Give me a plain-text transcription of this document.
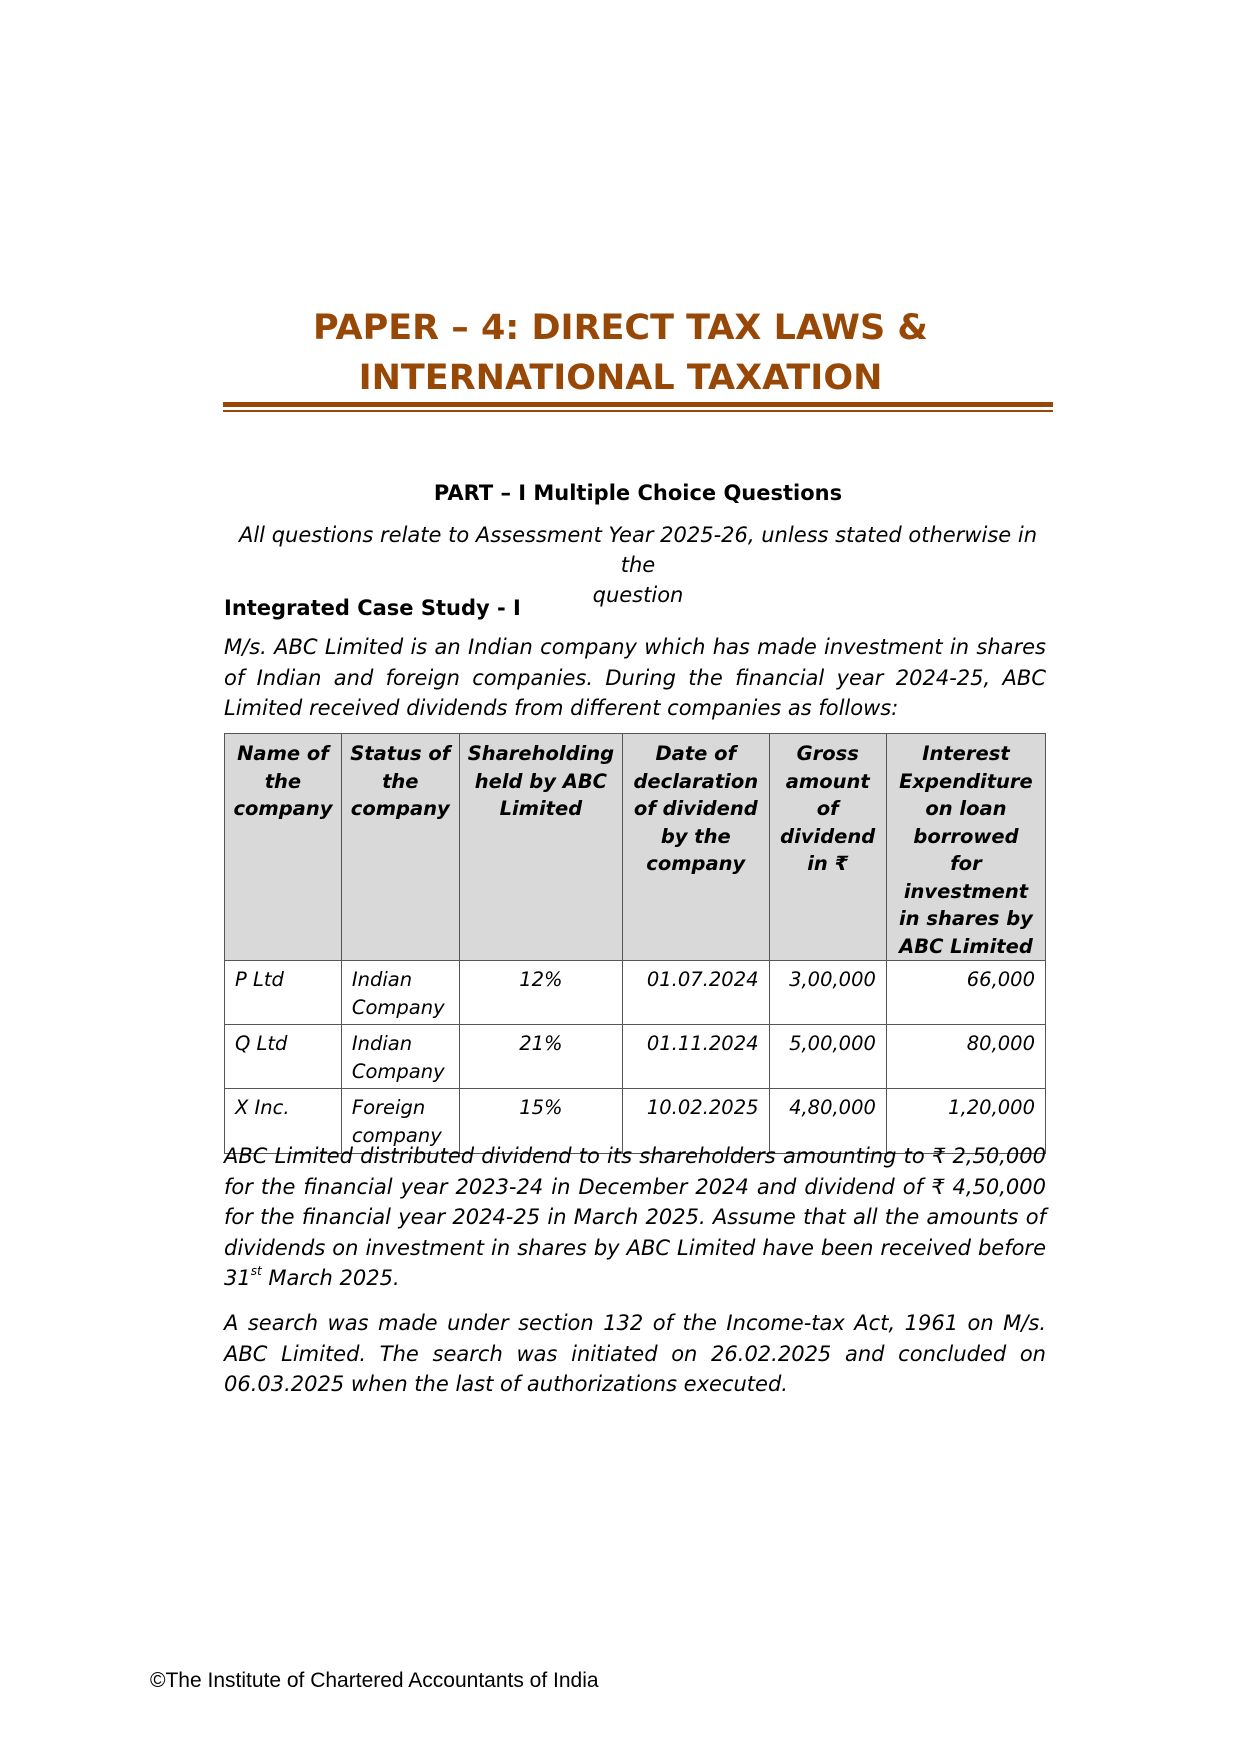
PAPER – 4: DIRECT TAX LAWS &
INTERNATIONAL TAXATION
PART – I Multiple Choice Questions
All questions relate to Assessment Year 2025-26, unless stated otherwise in the
question
Integrated Case Study - I
M/s. ABC Limited is an Indian company which has made investment in shares of Indian and foreign companies. During the financial year 2024-25, ABC Limited received dividends from different companies as follows:
Name of the company	Status of the company	Shareholding held by ABC Limited	Date of declaration of dividend by the company	Gross amount of dividend in ₹	Interest Expenditure on loan borrowed for investment in shares by ABC Limited
P Ltd	Indian Company	12%	01.07.2024	3,00,000	66,000
Q Ltd	Indian Company	21%	01.11.2024	5,00,000	80,000
X Inc.	Foreign company	15%	10.02.2025	4,80,000	1,20,000
ABC Limited distributed dividend to its shareholders amounting to ₹ 2,50,000 for the financial year 2023-24 in December 2024 and dividend of ₹ 4,50,000 for the financial year 2024-25 in March 2025. Assume that all the amounts of dividends on investment in shares by ABC Limited have been received before 31st March 2025.
A search was made under section 132 of the Income-tax Act, 1961 on M/s. ABC Limited. The search was initiated on 26.02.2025 and concluded on 06.03.2025 when the last of authorizations executed.
©The Institute of Chartered Accountants of India
